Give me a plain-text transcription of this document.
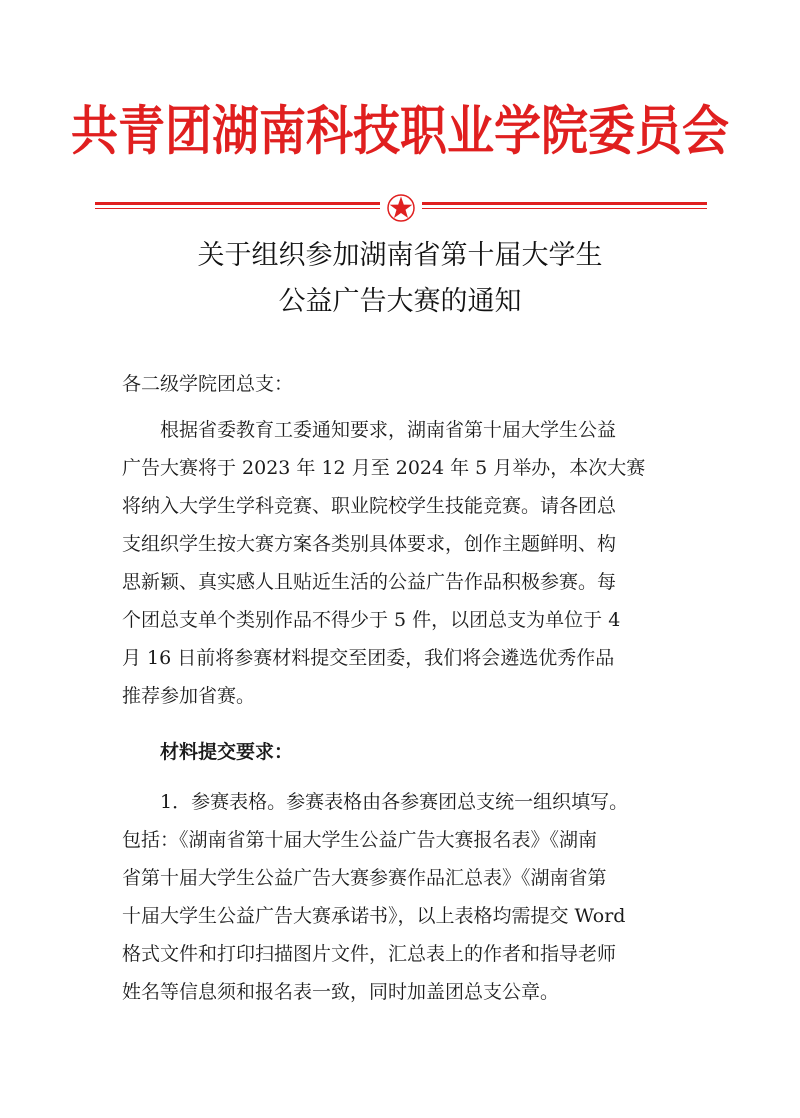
共青团湖南科技职业学院委员会
关于组织参加湖南省第十届大学生
公益广告大赛的通知
各二级学院团总支：
根据省委教育工委通知要求，湖南省第十届大学生公益
广告大赛将于 2023 年 12 月至 2024 年 5 月举办，本次大赛
将纳入大学生学科竞赛、职业院校学生技能竞赛。请各团总
支组织学生按大赛方案各类别具体要求，创作主题鲜明、构
思新颖、真实感人且贴近生活的公益广告作品积极参赛。每
个团总支单个类别作品不得少于 5 件，以团总支为单位于 4
月 16 日前将参赛材料提交至团委，我们将会遴选优秀作品
推荐参加省赛。
材料提交要求：
1．参赛表格。参赛表格由各参赛团总支统一组织填写。
包括：《湖南省第十届大学生公益广告大赛报名表》《湖南
省第十届大学生公益广告大赛参赛作品汇总表》《湖南省第
十届大学生公益广告大赛承诺书》，以上表格均需提交 Word
格式文件和打印扫描图片文件，汇总表上的作者和指导老师
姓名等信息须和报名表一致，同时加盖团总支公章。
